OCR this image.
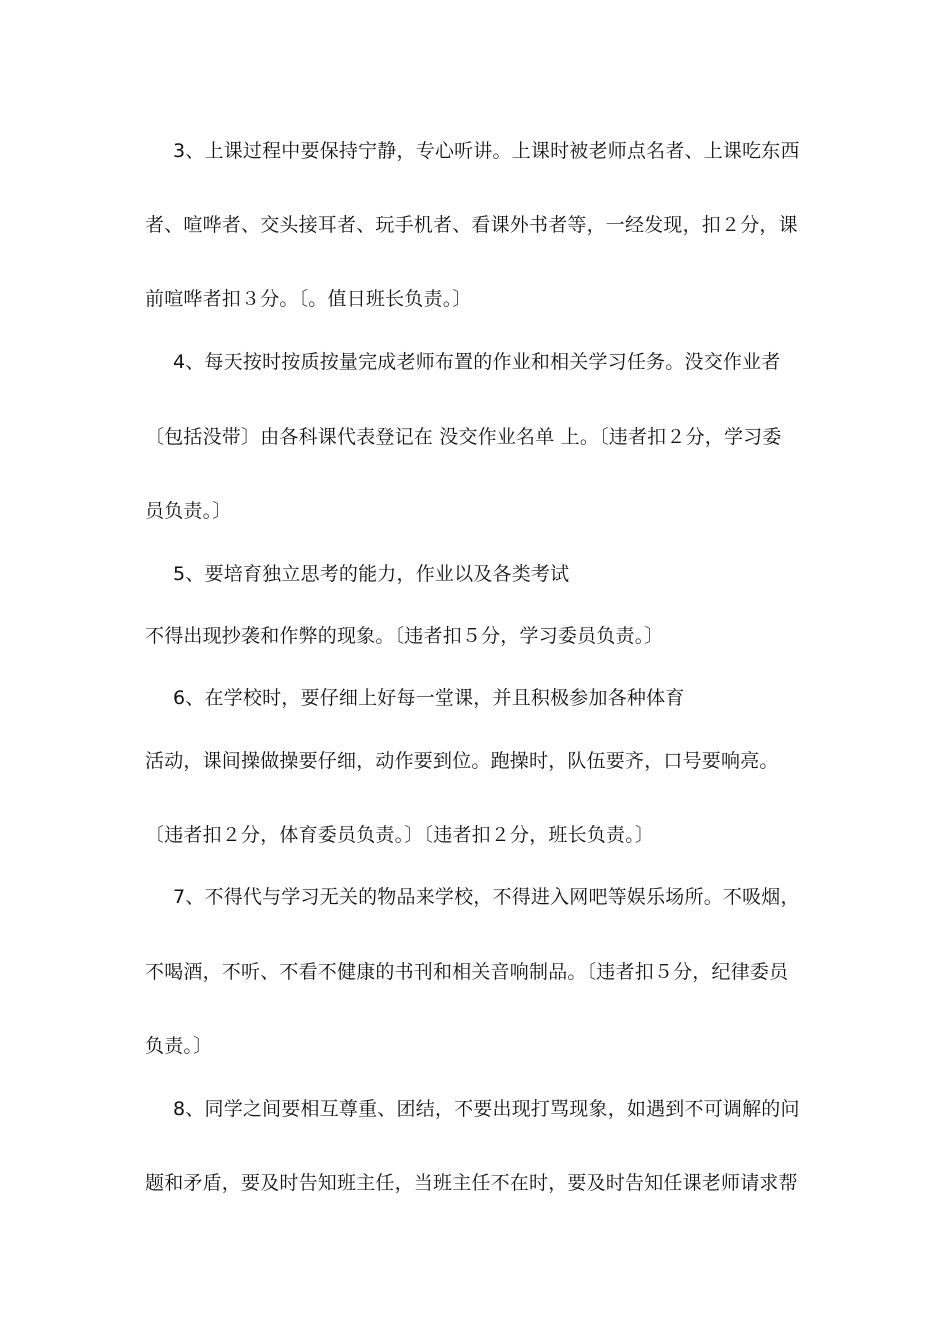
3、上课过程中要保持宁静，专心听讲。上课时被老师点名者、上课吃东西
者、喧哗者、交头接耳者、玩手机者、看课外书者等，一经发现，扣２分，课
前喧哗者扣３分。〔。值日班长负责。〕
4、每天按时按质按量完成老师布置的作业和相关学习任务。没交作业者
〔包括没带〕由各科课代表登记在 没交作业名单 上。〔违者扣２分，学习委
员负责。〕
5、要培育独立思考的能力，作业以及各类考试
不得出现抄袭和作弊的现象。〔违者扣５分，学习委员负责。〕
6、在学校时，要仔细上好每一堂课，并且积极参加各种体育
活动，课间操做操要仔细，动作要到位。跑操时，队伍要齐，口号要响亮。
〔违者扣２分，体育委员负责。〕〔违者扣２分，班长负责。〕
7、不得代与学习无关的物品来学校，不得进入网吧等娱乐场所。不吸烟，
不喝酒，不听、不看不健康的书刊和相关音响制品。〔违者扣５分，纪律委员
负责。〕
8、同学之间要相互尊重、团结，不要出现打骂现象，如遇到不可调解的问
题和矛盾，要及时告知班主任，当班主任不在时，要及时告知任课老师请求帮
